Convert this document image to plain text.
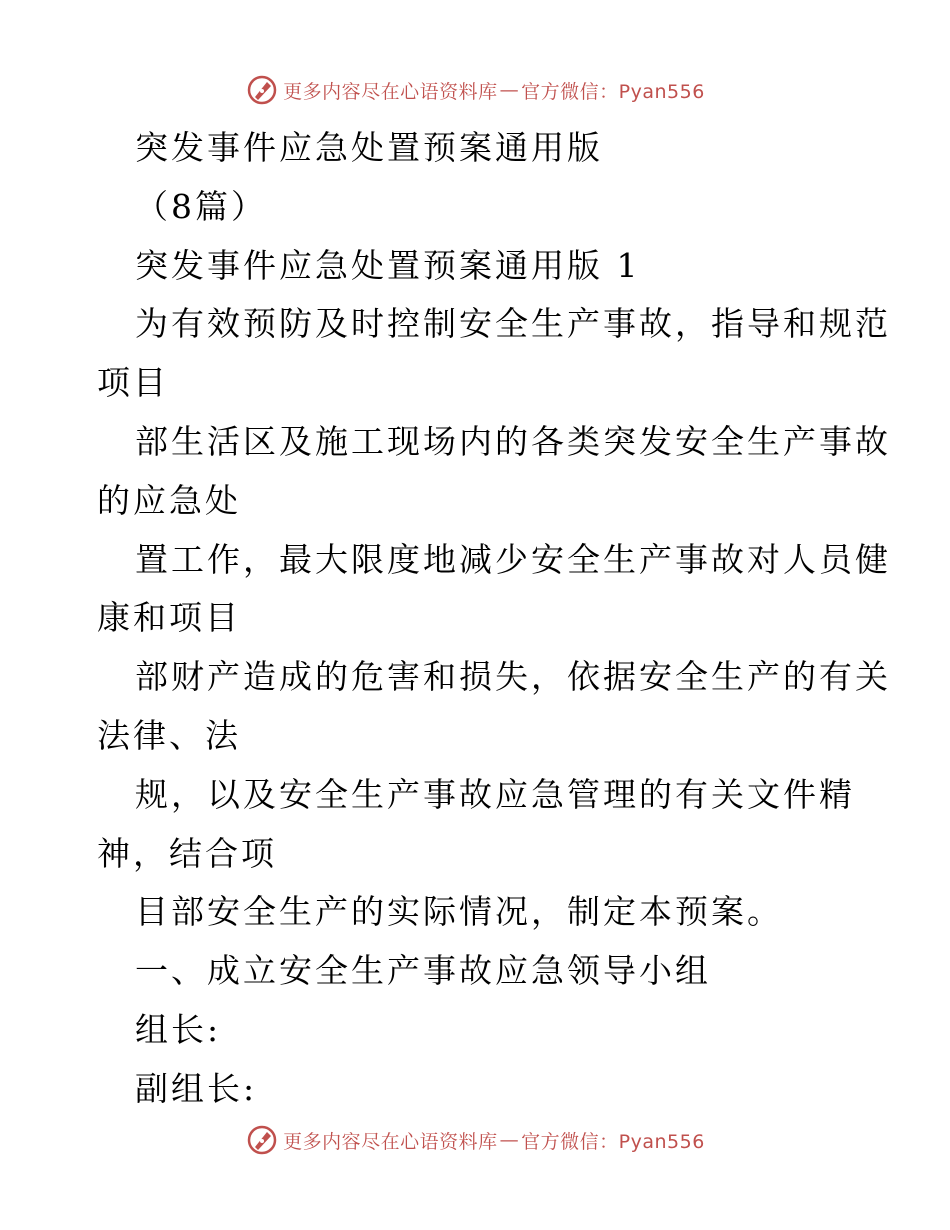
更多内容尽在心语资料库 — 官方微信：Pyan556
突发事件应急处置预案通用版
（8篇）
突发事件应急处置预案通用版 1
为有效预防及时控制安全生产事故，指导和规范
项目
部生活区及施工现场内的各类突发安全生产事故
的应急处
置工作，最大限度地减少安全生产事故对人员健
康和项目
部财产造成的危害和损失，依据安全生产的有关
法律、法
规，以及安全生产事故应急管理的有关文件精
神，结合项
目部安全生产的实际情况，制定本预案。
一、成立安全生产事故应急领导小组
组长:
副组长:
更多内容尽在心语资料库 — 官方微信：Pyan556
